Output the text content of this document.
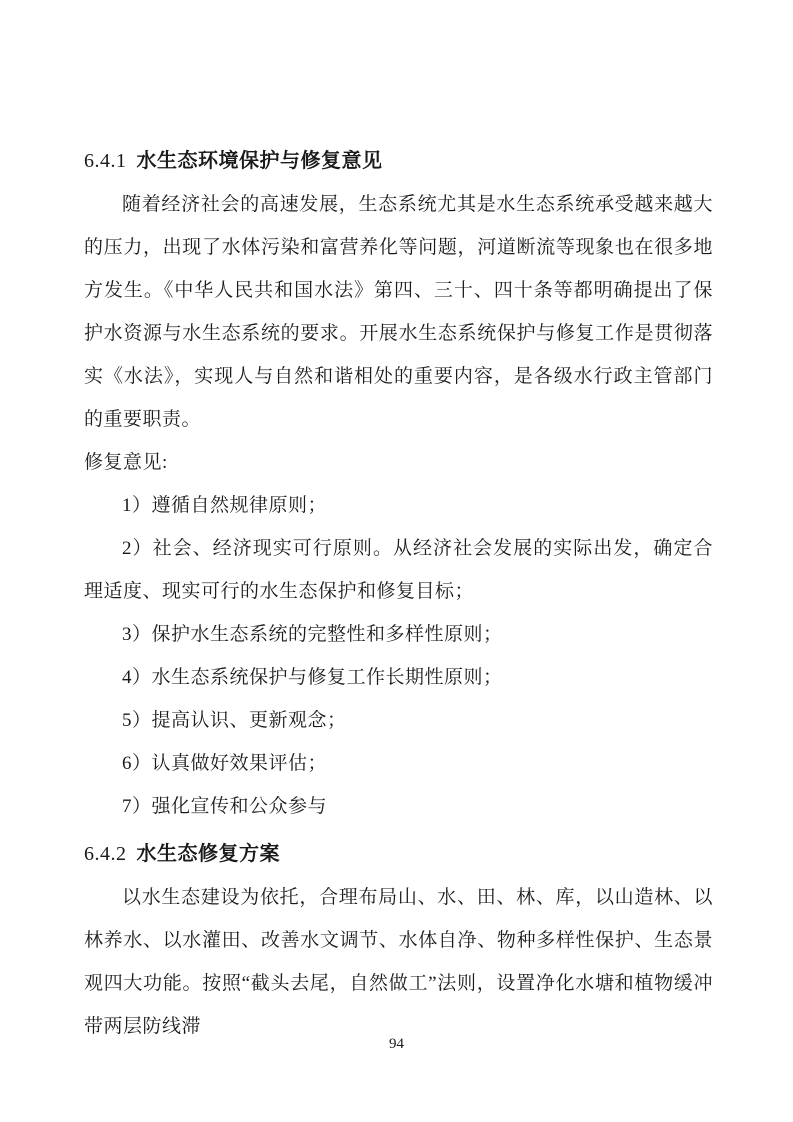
6.4.1 水生态环境保护与修复意见

随着经济社会的高速发展，生态系统尤其是水生态系统承受越来越大的压力，出现了水体污染和富营养化等问题，河道断流等现象也在很多地方发生。《中华人民共和国水法》第四、三十、四十条等都明确提出了保护水资源与水生态系统的要求。开展水生态系统保护与修复工作是贯彻落实《水法》，实现人与自然和谐相处的重要内容，是各级水行政主管部门的重要职责。

修复意见:

1）遵循自然规律原则；

2）社会、经济现实可行原则。从经济社会发展的实际出发，确定合理适度、现实可行的水生态保护和修复目标；

3）保护水生态系统的完整性和多样性原则；

4）水生态系统保护与修复工作长期性原则；

5）提高认识、更新观念；

6）认真做好效果评估；

7）强化宣传和公众参与

6.4.2 水生态修复方案

以水生态建设为依托，合理布局山、水、田、林、库，以山造林、以林养水、以水灌田、改善水文调节、水体自净、物种多样性保护、生态景观四大功能。按照“截头去尾，自然做工”法则，设置净化水塘和植物缓冲带两层防线滞

94
